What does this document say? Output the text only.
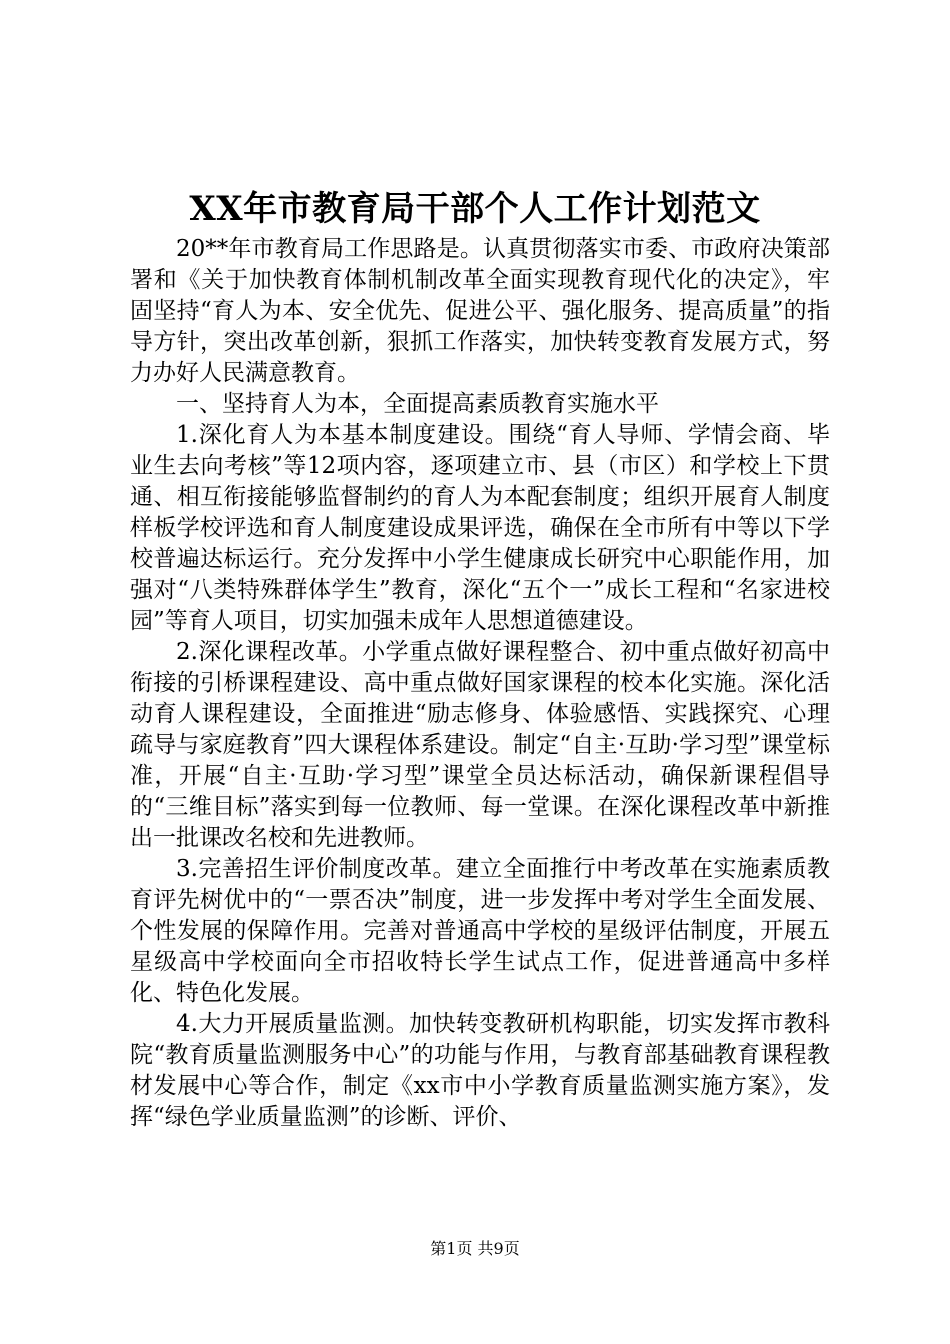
XX年市教育局干部个人工作计划范文

20**年市教育局工作思路是。认真贯彻落实市委、市政府决策部署和《关于加快教育体制机制改革全面实现教育现代化的决定》，牢固坚持“育人为本、安全优先、促进公平、强化服务、提高质量”的指导方针，突出改革创新，狠抓工作落实，加快转变教育发展方式，努力办好人民满意教育。

一、坚持育人为本，全面提高素质教育实施水平

1.深化育人为本基本制度建设。围绕“育人导师、学情会商、毕业生去向考核”等12项内容，逐项建立市、县（市区）和学校上下贯通、相互衔接能够监督制约的育人为本配套制度；组织开展育人制度样板学校评选和育人制度建设成果评选，确保在全市所有中等以下学校普遍达标运行。充分发挥中小学生健康成长研究中心职能作用，加强对“八类特殊群体学生”教育，深化“五个一”成长工程和“名家进校园”等育人项目，切实加强未成年人思想道德建设。

2.深化课程改革。小学重点做好课程整合、初中重点做好初高中衔接的引桥课程建设、高中重点做好国家课程的校本化实施。深化活动育人课程建设，全面推进“励志修身、体验感悟、实践探究、心理疏导与家庭教育”四大课程体系建设。制定“自主·互助·学习型”课堂标准，开展“自主·互助·学习型”课堂全员达标活动，确保新课程倡导的“三维目标”落实到每一位教师、每一堂课。在深化课程改革中新推出一批课改名校和先进教师。

3.完善招生评价制度改革。建立全面推行中考改革在实施素质教育评先树优中的“一票否决”制度，进一步发挥中考对学生全面发展、个性发展的保障作用。完善对普通高中学校的星级评估制度，开展五星级高中学校面向全市招收特长学生试点工作，促进普通高中多样化、特色化发展。

4.大力开展质量监测。加快转变教研机构职能，切实发挥市教科院“教育质量监测服务中心”的功能与作用，与教育部基础教育课程教材发展中心等合作，制定《xx市中小学教育质量监测实施方案》，发挥“绿色学业质量监测”的诊断、评价、

第1页 共9页
